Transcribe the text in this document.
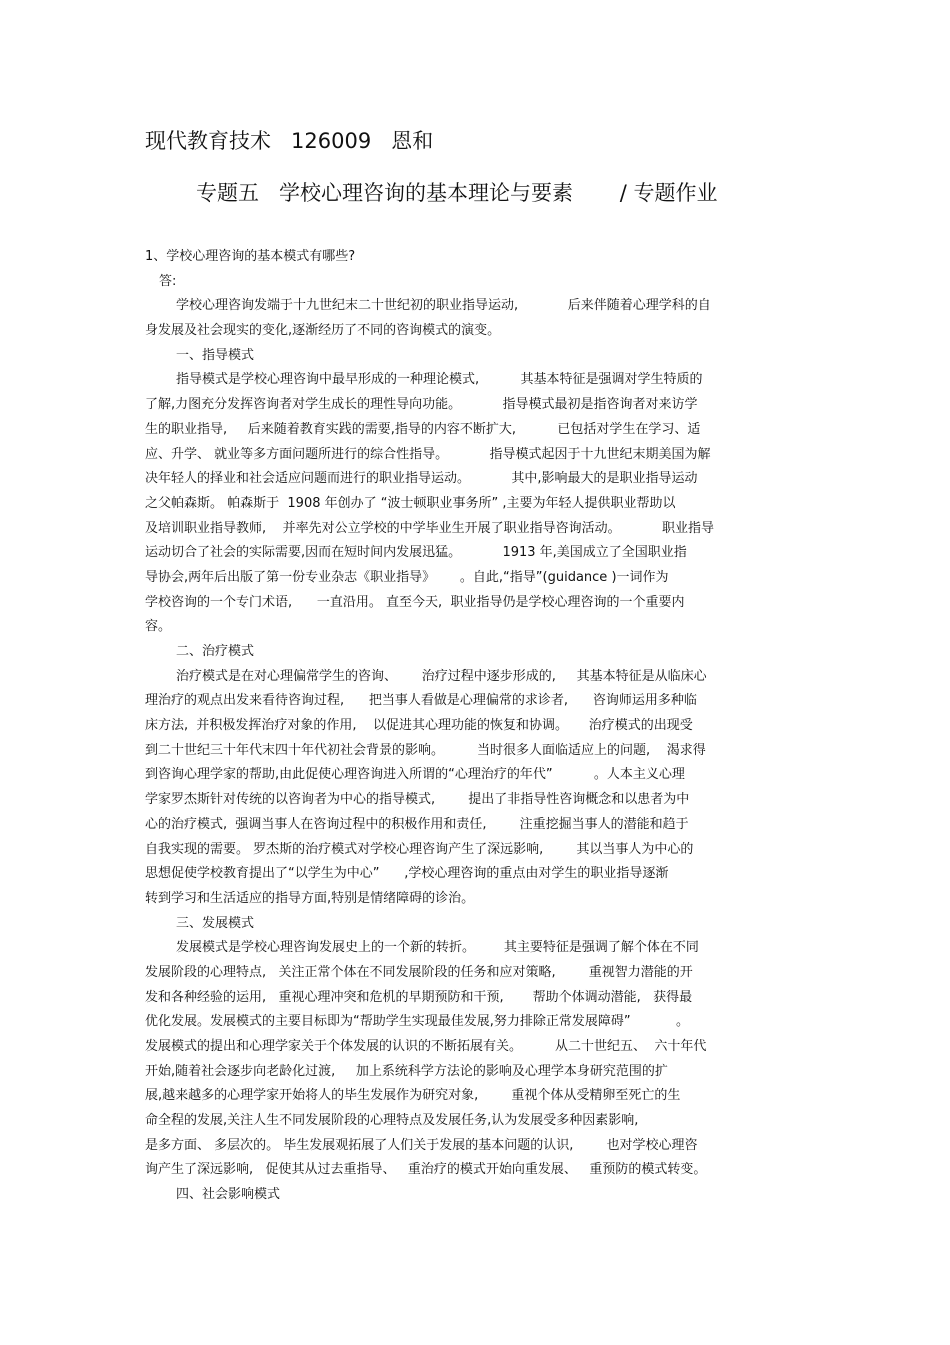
现代教育技术   126009   恩和
专题五   学校心理咨询的基本理论与要素       / 专题作业
1、学校心理咨询的基本模式有哪些?
答:
学校心理咨询发端于十九世纪末二十世纪初的职业指导运动,            后来伴随着心理学科的自
身发展及社会现实的变化,逐渐经历了不同的咨询模式的演变。
一、指导模式
指导模式是学校心理咨询中最早形成的一种理论模式,          其基本特征是强调对学生特质的
了解,力图充分发挥咨询者对学生成长的理性导向功能。          指导模式最初是指咨询者对来访学
生的职业指导,     后来随着教育实践的需要,指导的内容不断扩大,          已包括对学生在学习、适
应、升学、 就业等多方面问题所进行的综合性指导。          指导模式起因于十九世纪末期美国为解
决年轻人的择业和社会适应问题而进行的职业指导运动。          其中,影响最大的是职业指导运动
之父帕森斯。 帕森斯于  1908 年创办了 “波士顿职业事务所” ,主要为年轻人提供职业帮助以
及培训职业指导教师,    并率先对公立学校的中学毕业生开展了职业指导咨询活动。          职业指导
运动切合了社会的实际需要,因而在短时间内发展迅猛。          1913 年,美国成立了全国职业指
导协会,两年后出版了第一份专业杂志《职业指导》      。自此,“指导”(guidance )一词作为
学校咨询的一个专门术语,      一直沿用。 直至今天,  职业指导仍是学校心理咨询的一个重要内
容。
二、治疗模式
治疗模式是在对心理偏常学生的咨询、      治疗过程中逐步形成的,     其基本特征是从临床心
理治疗的观点出发来看待咨询过程,      把当事人看做是心理偏常的求诊者,      咨询师运用多种临
床方法,  并积极发挥治疗对象的作用,    以促进其心理功能的恢复和协调。     治疗模式的出现受
到二十世纪三十年代末四十年代初社会背景的影响。        当时很多人面临适应上的问题,    渴求得
到咨询心理学家的帮助,由此促使心理咨询进入所谓的“心理治疗的年代”          。人本主义心理
学家罗杰斯针对传统的以咨询者为中心的指导模式,        提出了非指导性咨询概念和以患者为中
心的治疗模式,  强调当事人在咨询过程中的积极作用和责任,        注重挖掘当事人的潜能和趋于
自我实现的需要。 罗杰斯的治疗模式对学校心理咨询产生了深远影响,        其以当事人为中心的
思想促使学校教育提出了“以学生为中心”      ,学校心理咨询的重点由对学生的职业指导逐渐
转到学习和生活适应的指导方面,特别是情绪障碍的诊治。
三、发展模式
发展模式是学校心理咨询发展史上的一个新的转折。       其主要特征是强调了解个体在不同
发展阶段的心理特点,   关注正常个体在不同发展阶段的任务和应对策略,        重视智力潜能的开
发和各种经验的运用,   重视心理冲突和危机的早期预防和干预,       帮助个体调动潜能,   获得最
优化发展。发展模式的主要目标即为“帮助学生实现最佳发展,努力排除正常发展障碍”           。
发展模式的提出和心理学家关于个体发展的认识的不断拓展有关。        从二十世纪五、  六十年代
开始,随着社会逐步向老龄化过渡,     加上系统科学方法论的影响及心理学本身研究范围的扩
展,越来越多的心理学家开始将人的毕生发展作为研究对象,        重视个体从受精卵至死亡的生
命全程的发展,关注人生不同发展阶段的心理特点及发展任务,认为发展受多种因素影响,
是多方面、 多层次的。 毕生发展观拓展了人们关于发展的基本问题的认识,        也对学校心理咨
询产生了深远影响,   促使其从过去重指导、   重治疗的模式开始向重发展、   重预防的模式转变。
四、社会影响模式
